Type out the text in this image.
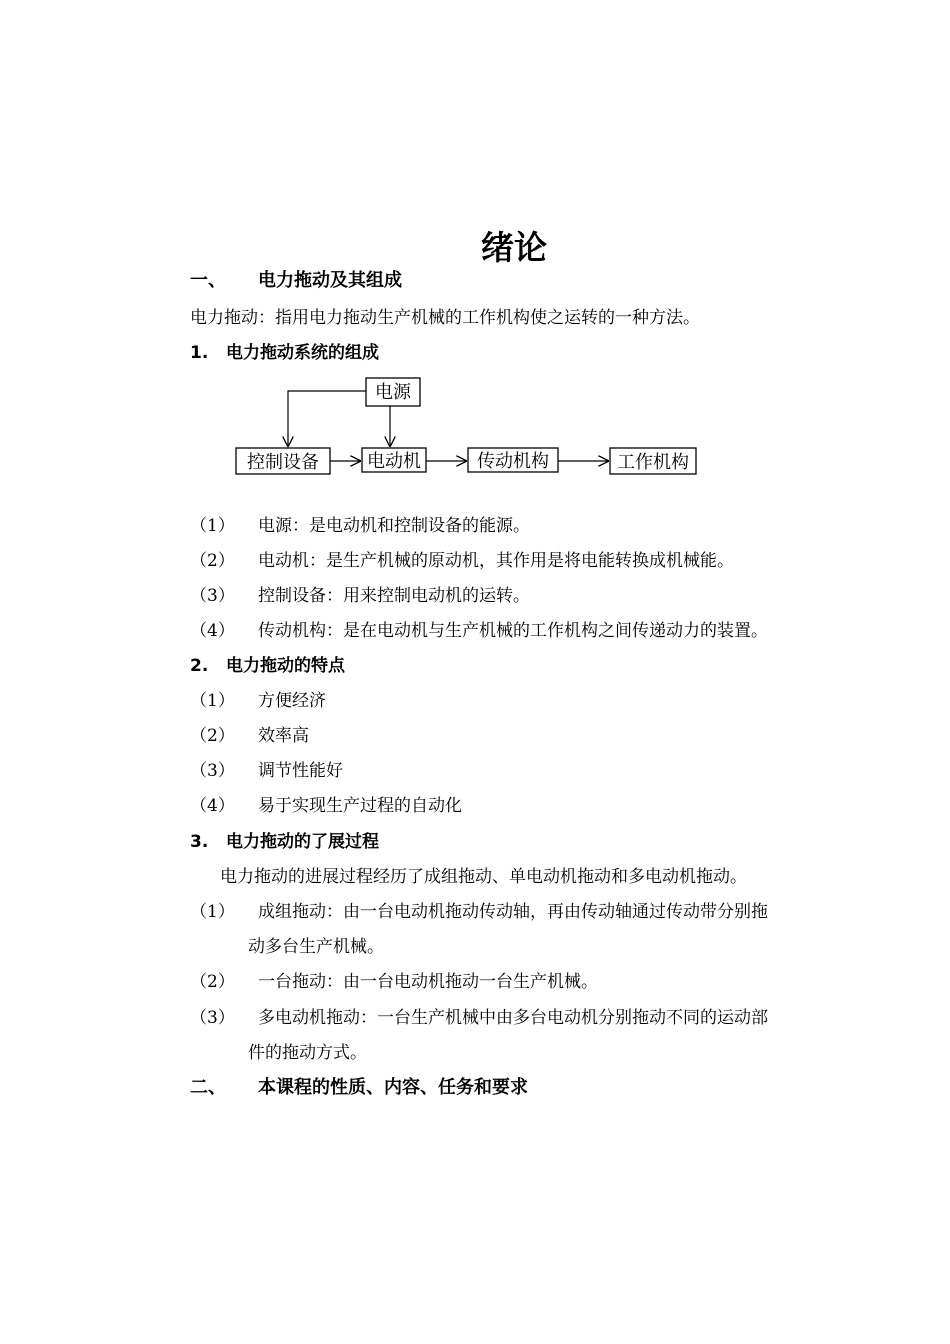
绪论
一、 电力拖动及其组成
电力拖动：指用电力拖动生产机械的工作机构使之运转的一种方法。
1. 电力拖动系统的组成
电源
控制设备	电动机	传动机构	工作机构
（1） 电源：是电动机和控制设备的能源。
（2） 电动机：是生产机械的原动机，其作用是将电能转换成机械能。
（3） 控制设备：用来控制电动机的运转。
（4） 传动机构：是在电动机与生产机械的工作机构之间传递动力的装置。
2. 电力拖动的特点
（1） 方便经济
（2） 效率高
（3） 调节性能好
（4） 易于实现生产过程的自动化
3. 电力拖动的了展过程
电力拖动的进展过程经历了成组拖动、单电动机拖动和多电动机拖动。
（1） 成组拖动：由一台电动机拖动传动轴，再由传动轴通过传动带分别拖
动多台生产机械。
（2） 一台拖动：由一台电动机拖动一台生产机械。
（3） 多电动机拖动：一台生产机械中由多台电动机分别拖动不同的运动部
件的拖动方式。
二、 本课程的性质、内容、任务和要求
